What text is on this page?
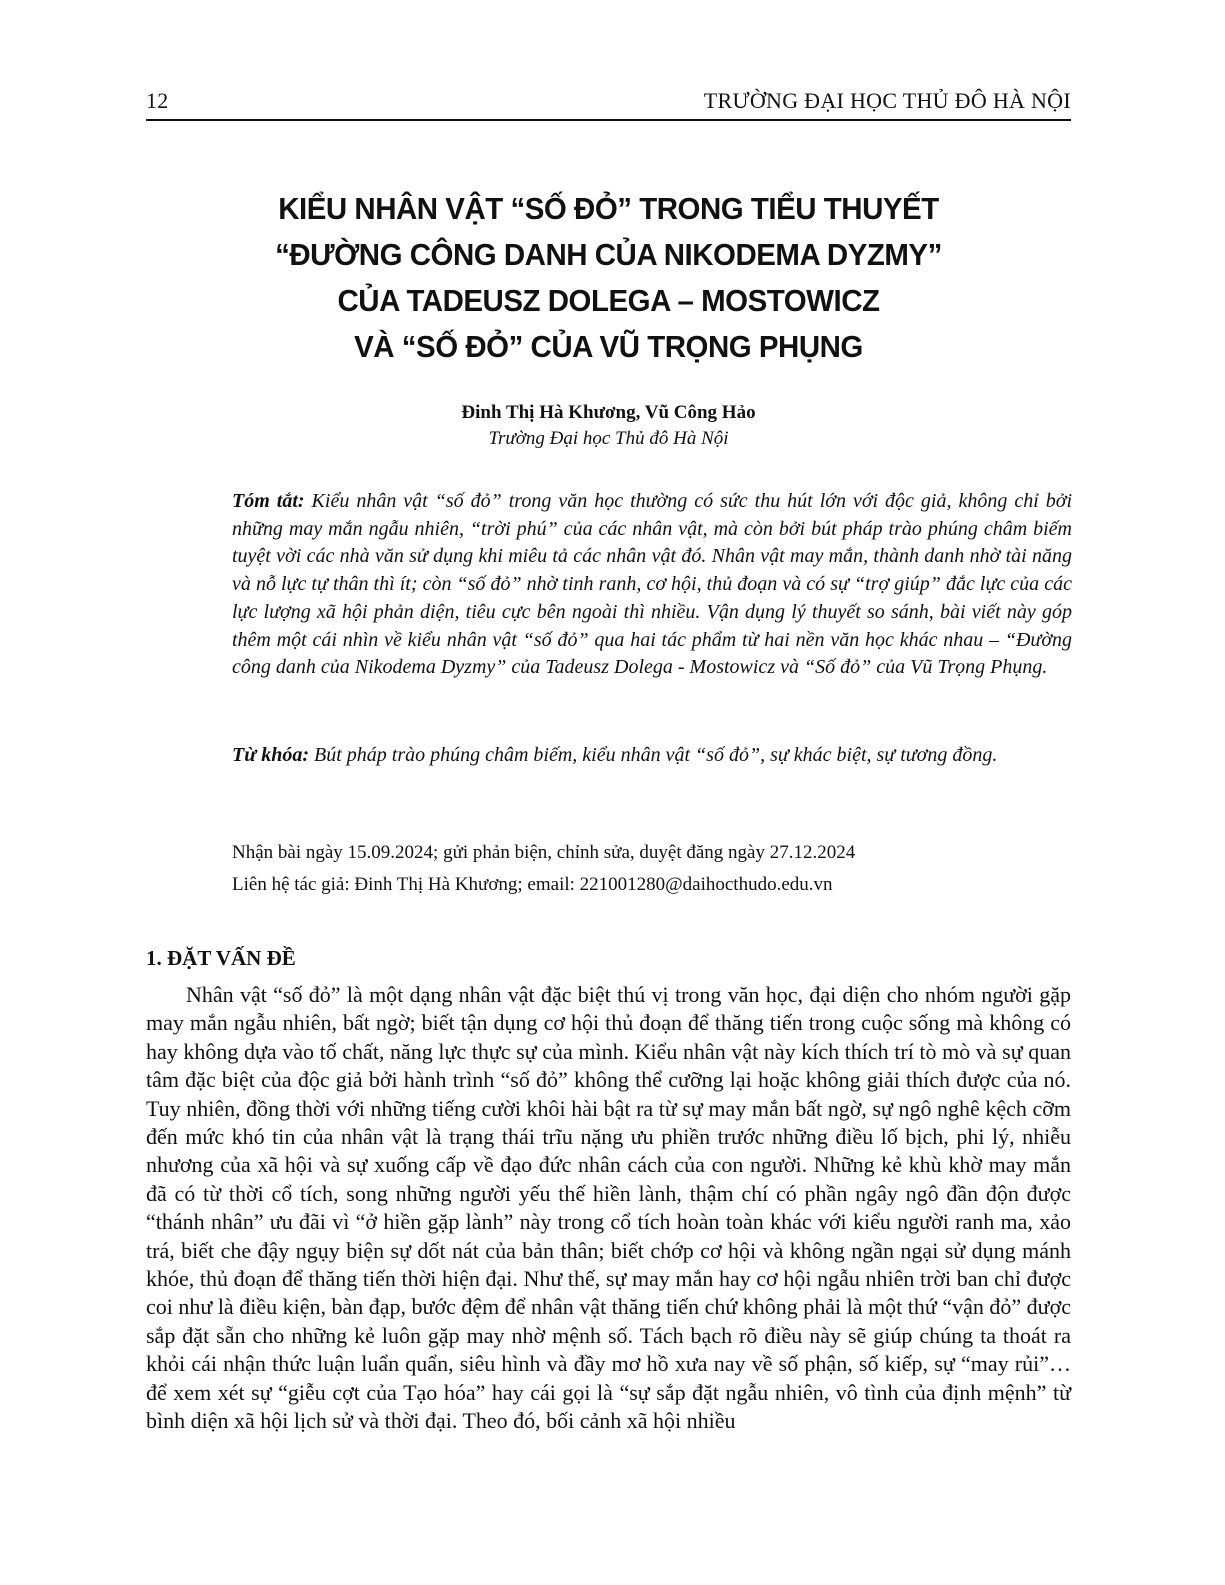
12	TRƯỜNG ĐẠI HỌC THỦ ĐÔ HÀ NỘI
KIỂU NHÂN VẬT “SỐ ĐỎ” TRONG TIỂU THUYẾT
“ĐƯỜNG CÔNG DANH CỦA NIKODEMA DYZMY”
CỦA TADEUSZ DOLEGA – MOSTOWICZ
VÀ “SỐ ĐỎ” CỦA VŨ TRỌNG PHỤNG
Đinh Thị Hà Khương, Vũ Công Hảo
Trường Đại học Thủ đô Hà Nội

Tóm tắt: Kiểu nhân vật “số đỏ” trong văn học thường có sức thu hút lớn với độc giả, không chỉ bởi những may mắn ngẫu nhiên, “trời phú” của các nhân vật, mà còn bởi bút pháp trào phúng châm biếm tuyệt vời các nhà văn sử dụng khi miêu tả các nhân vật đó. Nhân vật may mắn, thành danh nhờ tài năng và nỗ lực tự thân thì ít; còn “số đỏ” nhờ tinh ranh, cơ hội, thủ đoạn và có sự “trợ giúp” đắc lực của các lực lượng xã hội phản diện, tiêu cực bên ngoài thì nhiều. Vận dụng lý thuyết so sánh, bài viết này góp thêm một cái nhìn về kiểu nhân vật “số đỏ” qua hai tác phẩm từ hai nền văn học khác nhau – “Đường công danh của Nikodema Dyzmy” của Tadeusz Dolega - Mostowicz và “Số đỏ” của Vũ Trọng Phụng.

Từ khóa: Bút pháp trào phúng châm biếm, kiểu nhân vật “số đỏ”, sự khác biệt, sự tương đồng.

Nhận bài ngày 15.09.2024; gửi phản biện, chỉnh sửa, duyệt đăng ngày 27.12.2024
Liên hệ tác giả: Đinh Thị Hà Khương; email: 221001280@daihocthudo.edu.vn
1. ĐẶT VẤN ĐỀ

Nhân vật “số đỏ” là một dạng nhân vật đặc biệt thú vị trong văn học, đại diện cho nhóm người gặp may mắn ngẫu nhiên, bất ngờ; biết tận dụng cơ hội thủ đoạn để thăng tiến trong cuộc sống mà không có hay không dựa vào tố chất, năng lực thực sự của mình. Kiểu nhân vật này kích thích trí tò mò và sự quan tâm đặc biệt của độc giả bởi hành trình “số đỏ” không thể cưỡng lại hoặc không giải thích được của nó. Tuy nhiên, đồng thời với những tiếng cười khôi hài bật ra từ sự may mắn bất ngờ, sự ngô nghê kệch cỡm đến mức khó tin của nhân vật là trạng thái trĩu nặng ưu phiền trước những điều lố bịch, phi lý, nhiễu nhương của xã hội và sự xuống cấp về đạo đức nhân cách của con người. Những kẻ khù khờ may mắn đã có từ thời cổ tích, song những người yếu thế hiền lành, thậm chí có phần ngây ngô đần độn được “thánh nhân” ưu đãi vì “ở hiền gặp lành” này trong cổ tích hoàn toàn khác với kiểu người ranh ma, xảo trá, biết che đậy ngụy biện sự dốt nát của bản thân; biết chớp cơ hội và không ngần ngại sử dụng mánh khóe, thủ đoạn để thăng tiến thời hiện đại. Như thế, sự may mắn hay cơ hội ngẫu nhiên trời ban chỉ được coi như là điều kiện, bàn đạp, bước đệm để nhân vật thăng tiến chứ không phải là một thứ “vận đỏ” được sắp đặt sẵn cho những kẻ luôn gặp may nhờ mệnh số. Tách bạch rõ điều này sẽ giúp chúng ta thoát ra khỏi cái nhận thức luận luẩn quẩn, siêu hình và đầy mơ hồ xưa nay về số phận, số kiếp, sự “may rủi”… để xem xét sự “giễu cợt của Tạo hóa” hay cái gọi là “sự sắp đặt ngẫu nhiên, vô tình của định mệnh” từ bình diện xã hội lịch sử và thời đại. Theo đó, bối cảnh xã hội nhiều
